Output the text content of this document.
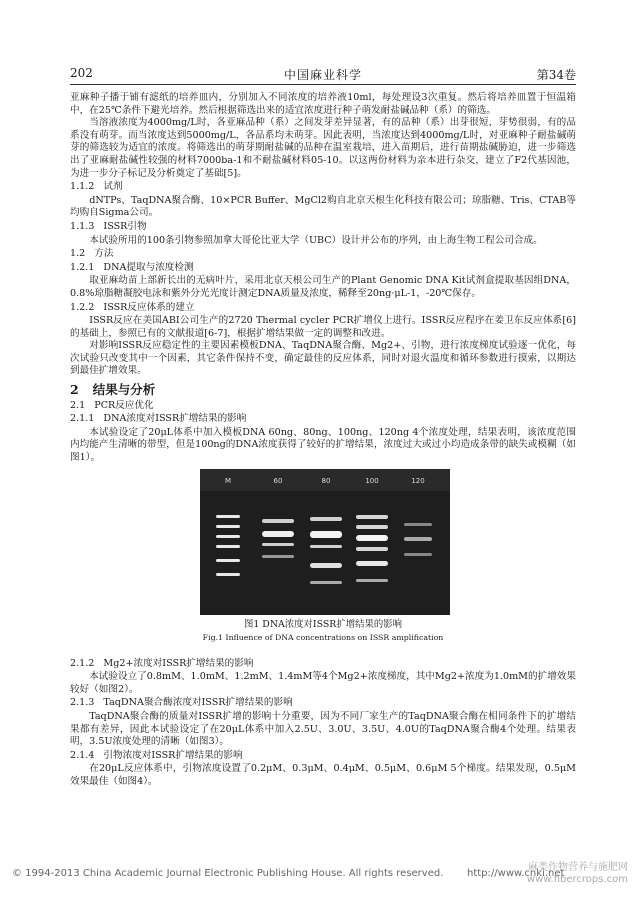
202	中国麻业科学	第34卷

亚麻种子播于铺有滤纸的培养皿内，分别加入不同浓度的培养液10ml，每处理设3次重复。然后将培养皿置于恒温箱中，在25℃条件下避光培养。然后根据筛选出来的适宜浓度进行种子萌发耐盐碱品种（系）的筛选。

当溶液浓度为4000mg/L时，各亚麻品种（系）之间发芽差异显著，有的品种（系）出芽很短，芽势很弱，有的品系没有萌芽。而当浓度达到5000mg/L，各品系均未萌芽。因此表明，当浓度达到4000mg/L时，对亚麻种子耐盐碱萌芽的筛选较为适宜的浓度。将筛选出的萌芽期耐盐碱的品种在温室栽培，进入苗期后，进行苗期盐碱胁迫，进一步筛选出了亚麻耐盐碱性较强的材料7000ba-1和不耐盐碱材料05-10。以这两份材料为亲本进行杂交，建立了F2代基因池，为进一步分子标记及分析奠定了基础[5]。

1.1.2 试剂

dNTPs、TaqDNA聚合酶、10×PCR Buffer、MgCl2购自北京天根生化科技有限公司；琼脂糖、Tris、CTAB等均购自Sigma公司。

1.1.3 ISSR引物

本试验所用的100条引物参照加拿大哥伦比亚大学（UBC）设计并公布的序列，由上海生物工程公司合成。

1.2 方法
1.2.1 DNA提取与浓度检测

取亚麻幼苗上部新长出的无病叶片，采用北京天根公司生产的Plant Genomic DNA Kit试剂盒提取基因组DNA，0.8%琼脂糖凝胶电泳和紫外分光光度计测定DNA质量及浓度，稀释至20ng·μL-1，-20℃保存。

1.2.2 ISSR反应体系的建立

ISSR反应在美国ABI公司生产的2720 Thermal cycler PCR扩增仪上进行。ISSR反应程序在姜卫东反应体系[6]的基础上，参照已有的文献报道[6-7]，根据扩增结果做一定的调整和改进。

对影响ISSR反应稳定性的主要因素模板DNA、TaqDNA聚合酶、Mg2+、引物，进行浓度梯度试验逐一优化，每次试验只改变其中一个因素，其它条件保持不变，确定最佳的反应体系，同时对退火温度和循环参数进行摸索，以期达到最佳扩增效果。

2 结果与分析
2.1 PCR反应优化
2.1.1 DNA浓度对ISSR扩增结果的影响

本试验设定了20μL体系中加入模板DNA 60ng、80ng、100ng、120ng 4个浓度处理，结果表明，该浓度范围内均能产生清晰的带型，但是100ng的DNA浓度获得了较好的扩增结果，浓度过大或过小均造成条带的缺失或模糊（如图1）。

M	60	80	100	120
图1 DNA浓度对ISSR扩增结果的影响
Fig.1 Influence of DNA concentrations on ISSR amplification
2.1.2 Mg2+浓度对ISSR扩增结果的影响

本试验设立了0.8mM、1.0mM、1.2mM、1.4mM等4个Mg2+浓度梯度，其中Mg2+浓度为1.0mM的扩增效果较好（如图2）。

2.1.3 TaqDNA聚合酶浓度对ISSR扩增结果的影响

TaqDNA聚合酶的质量对ISSR扩增的影响十分重要，因为不同厂家生产的TaqDNA聚合酶在相同条件下的扩增结果都有差异，因此本试验设定了在20μL体系中加入2.5U、3.0U、3.5U、4.0U的TaqDNA聚合酶4个处理。结果表明，3.5U浓度处理的清晰（如图3）。

2.1.4 引物浓度对ISSR扩增结果的影响

在20μL反应体系中，引物浓度设置了0.2μM、0.3μM、0.4μM、0.5μM、0.6μM 5个梯度。结果发现，0.5μM效果最佳（如图4）。

© 1994-2013 China Academic Journal Electronic Publishing House. All rights reserved. http://www.cnki.net
麻类作物营养与施肥网
www.fibercrops.com
